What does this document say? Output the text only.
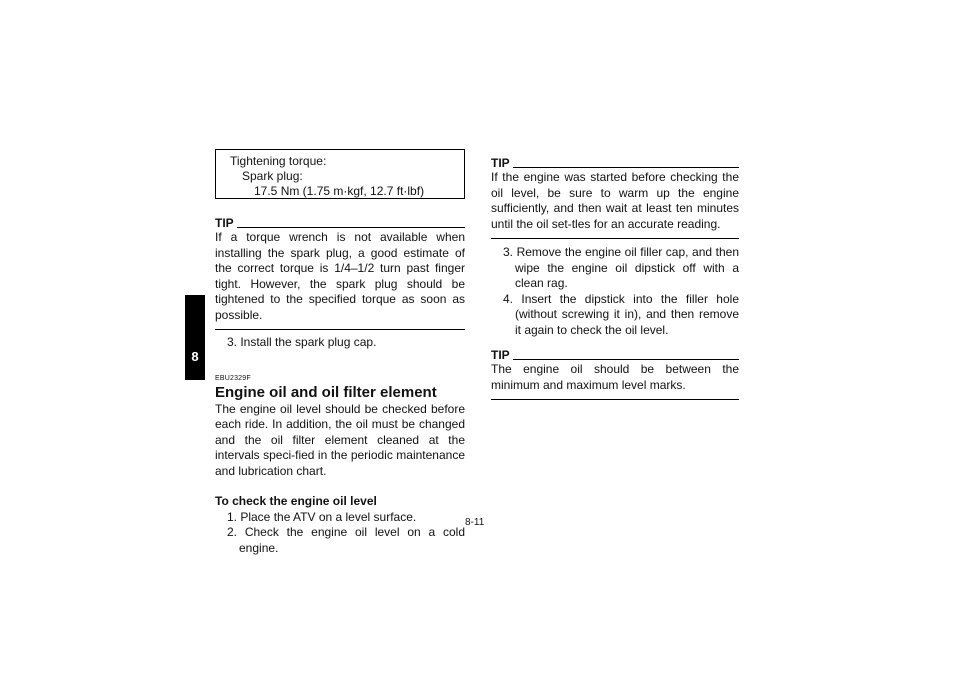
8
Tightening torque:
Spark plug:
17.5 Nm (1.75 m·kgf, 12.7 ft·lbf)
TIP

If a torque wrench is not available when installing the spark plug, a good estimate of the correct torque is 1/4–1/2 turn past finger tight. However, the spark plug should be tightened to the specified torque as soon as possible.

3. Install the spark plug cap.

EBU2329F
Engine oil and oil filter element

The engine oil level should be checked before each ride. In addition, the oil must be changed and the oil filter element cleaned at the intervals speci-fied in the periodic maintenance and lubrication chart.

To check the engine oil level

1. Place the ATV on a level surface.

2. Check the engine oil level on a cold engine.

TIP

If the engine was started before checking the oil level, be sure to warm up the engine sufficiently, and then wait at least ten minutes until the oil set-tles for an accurate reading.

3. Remove the engine oil filler cap, and then wipe the engine oil dipstick off with a clean rag.

4. Insert the dipstick into the filler hole (without screwing it in), and then remove it again to check the oil level.

TIP

The engine oil should be between the minimum and maximum level marks.

8-11
